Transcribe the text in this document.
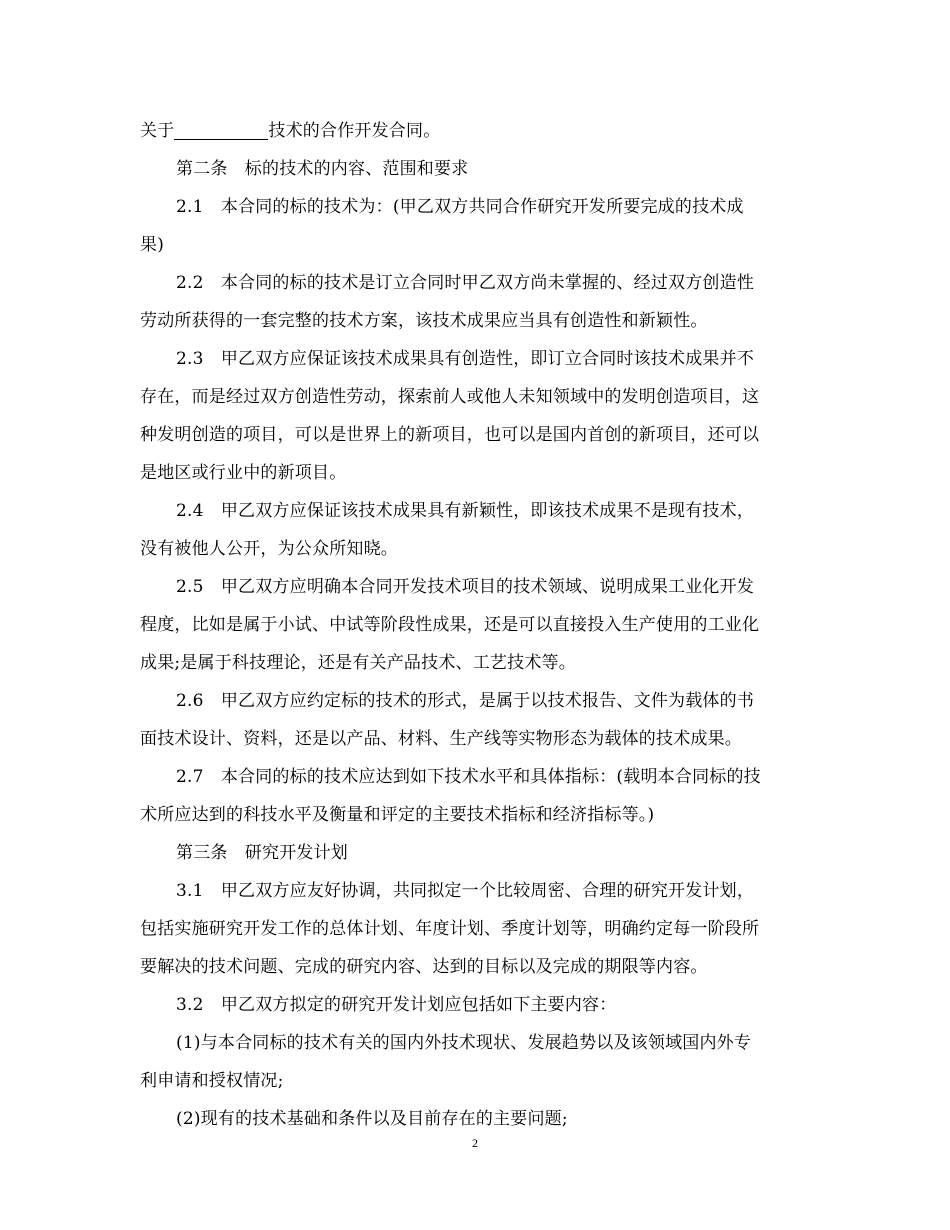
关于	技术的合作开发合同。
第二条　标的技术的内容、范围和要求
2.1　本合同的标的技术为：(甲乙双方共同合作研究开发所要完成的技术成
果)
2.2　本合同的标的技术是订立合同时甲乙双方尚未掌握的、经过双方创造性
劳动所获得的一套完整的技术方案，该技术成果应当具有创造性和新颖性。
2.3　甲乙双方应保证该技术成果具有创造性，即订立合同时该技术成果并不
存在，而是经过双方创造性劳动，探索前人或他人未知领域中的发明创造项目，这
种发明创造的项目，可以是世界上的新项目，也可以是国内首创的新项目，还可以
是地区或行业中的新项目。
2.4　甲乙双方应保证该技术成果具有新颖性，即该技术成果不是现有技术，
没有被他人公开，为公众所知晓。
2.5　甲乙双方应明确本合同开发技术项目的技术领域、说明成果工业化开发
程度，比如是属于小试、中试等阶段性成果，还是可以直接投入生产使用的工业化
成果;是属于科技理论，还是有关产品技术、工艺技术等。
2.6　甲乙双方应约定标的技术的形式，是属于以技术报告、文件为载体的书
面技术设计、资料，还是以产品、材料、生产线等实物形态为载体的技术成果。
2.7　本合同的标的技术应达到如下技术水平和具体指标：(载明本合同标的技
术所应达到的科技水平及衡量和评定的主要技术指标和经济指标等。)
第三条　研究开发计划
3.1　甲乙双方应友好协调，共同拟定一个比较周密、合理的研究开发计划，
包括实施研究开发工作的总体计划、年度计划、季度计划等，明确约定每一阶段所
要解决的技术问题、完成的研究内容、达到的目标以及完成的期限等内容。
3.2　甲乙双方拟定的研究开发计划应包括如下主要内容：
(1)与本合同标的技术有关的国内外技术现状、发展趋势以及该领域国内外专
利申请和授权情况;
(2)现有的技术基础和条件以及目前存在的主要问题;
2
